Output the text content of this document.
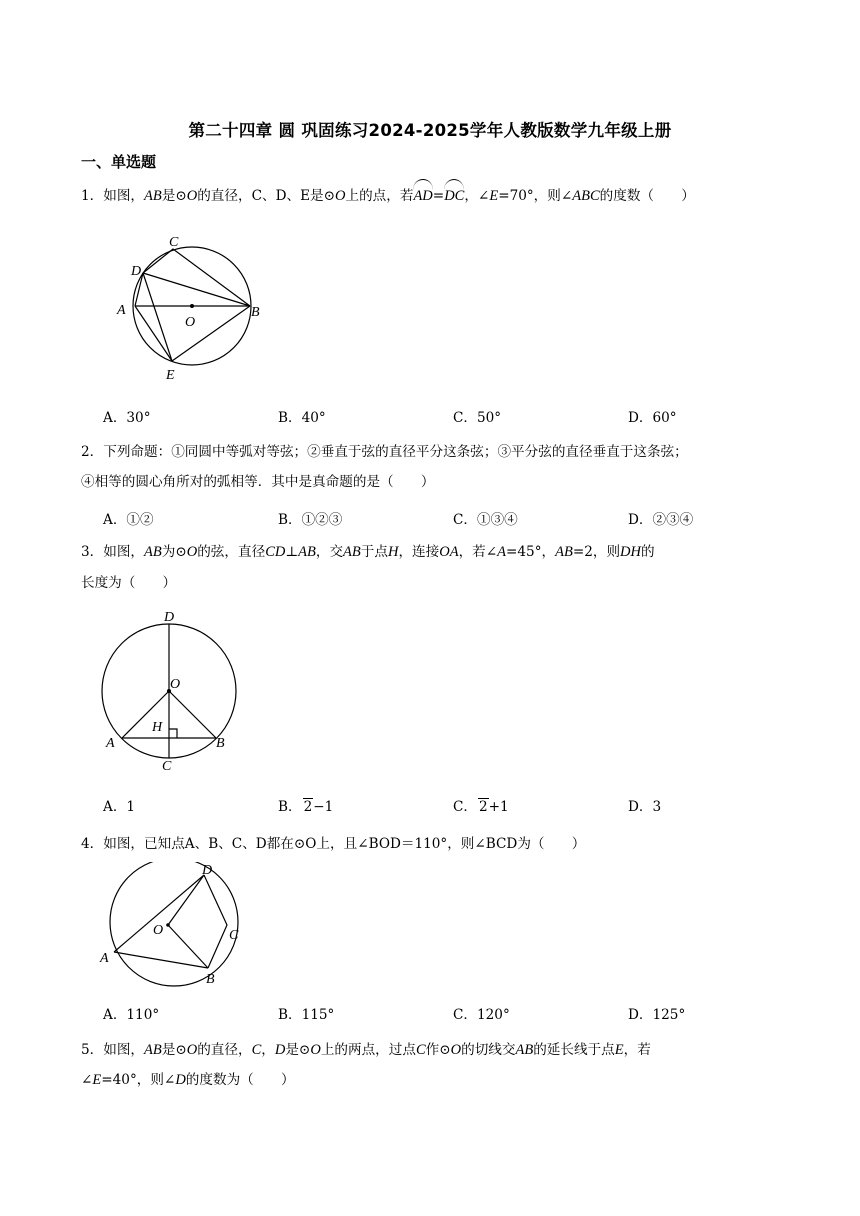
第二十四章 圆 巩固练习2024-2025学年人教版数学九年级上册
一、单选题
1．如图，AB是⊙O的直径，C、D、E是⊙O上的点，若AD=DC，∠E=70°，则∠ABC的度数（　　）
C
D
A
O
B
E
A．30°	B．40°	C．50°	D．60°
2．下列命题：①同圆中等弧对等弦；②垂直于弦的直径平分这条弦；③平分弦的直径垂直于这条弦；
④相等的圆心角所对的弧相等．其中是真命题的是（　　）
A．①②	B．①②③	C．①③④	D．②③④
3．如图，AB为⊙O的弦，直径CD⊥AB，交AB于点H，连接OA，若∠A=45°，AB=2，则DH的
长度为（　　）
D
O
H
A	B
C
A．1	B． 2−1	C． 2+1	D．3
4．如图，已知点A、B、C、D都在⊙O上，且∠BOD＝110°，则∠BCD为（　　）
D
O	C
A
B
A．110°	B．115°	C．120°	D．125°
5．如图，AB是⊙O的直径，C，D是⊙O上的两点，过点C作⊙O的切线交AB的延长线于点E，若
∠E=40°，则∠D的度数为（　　）
